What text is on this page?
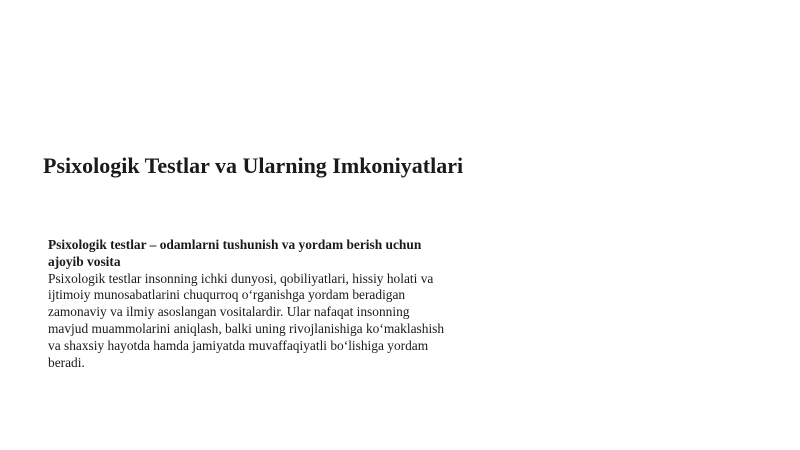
Psixologik Testlar va Ularning Imkoniyatlari

Psixologik testlar – odamlarni tushunish va yordam berish uchun ajoyib vosita

Psixologik testlar insonning ichki dunyosi, qobiliyatlari, hissiy holati va ijtimoiy munosabatlarini chuqurroq o‘rganishga yordam beradigan zamonaviy va ilmiy asoslangan vositalardir. Ular nafaqat insonning mavjud muammolarini aniqlash, balki uning rivojlanishiga ko‘maklashish va shaxsiy hayotda hamda jamiyatda muvaffaqiyatli bo‘lishiga yordam beradi.
